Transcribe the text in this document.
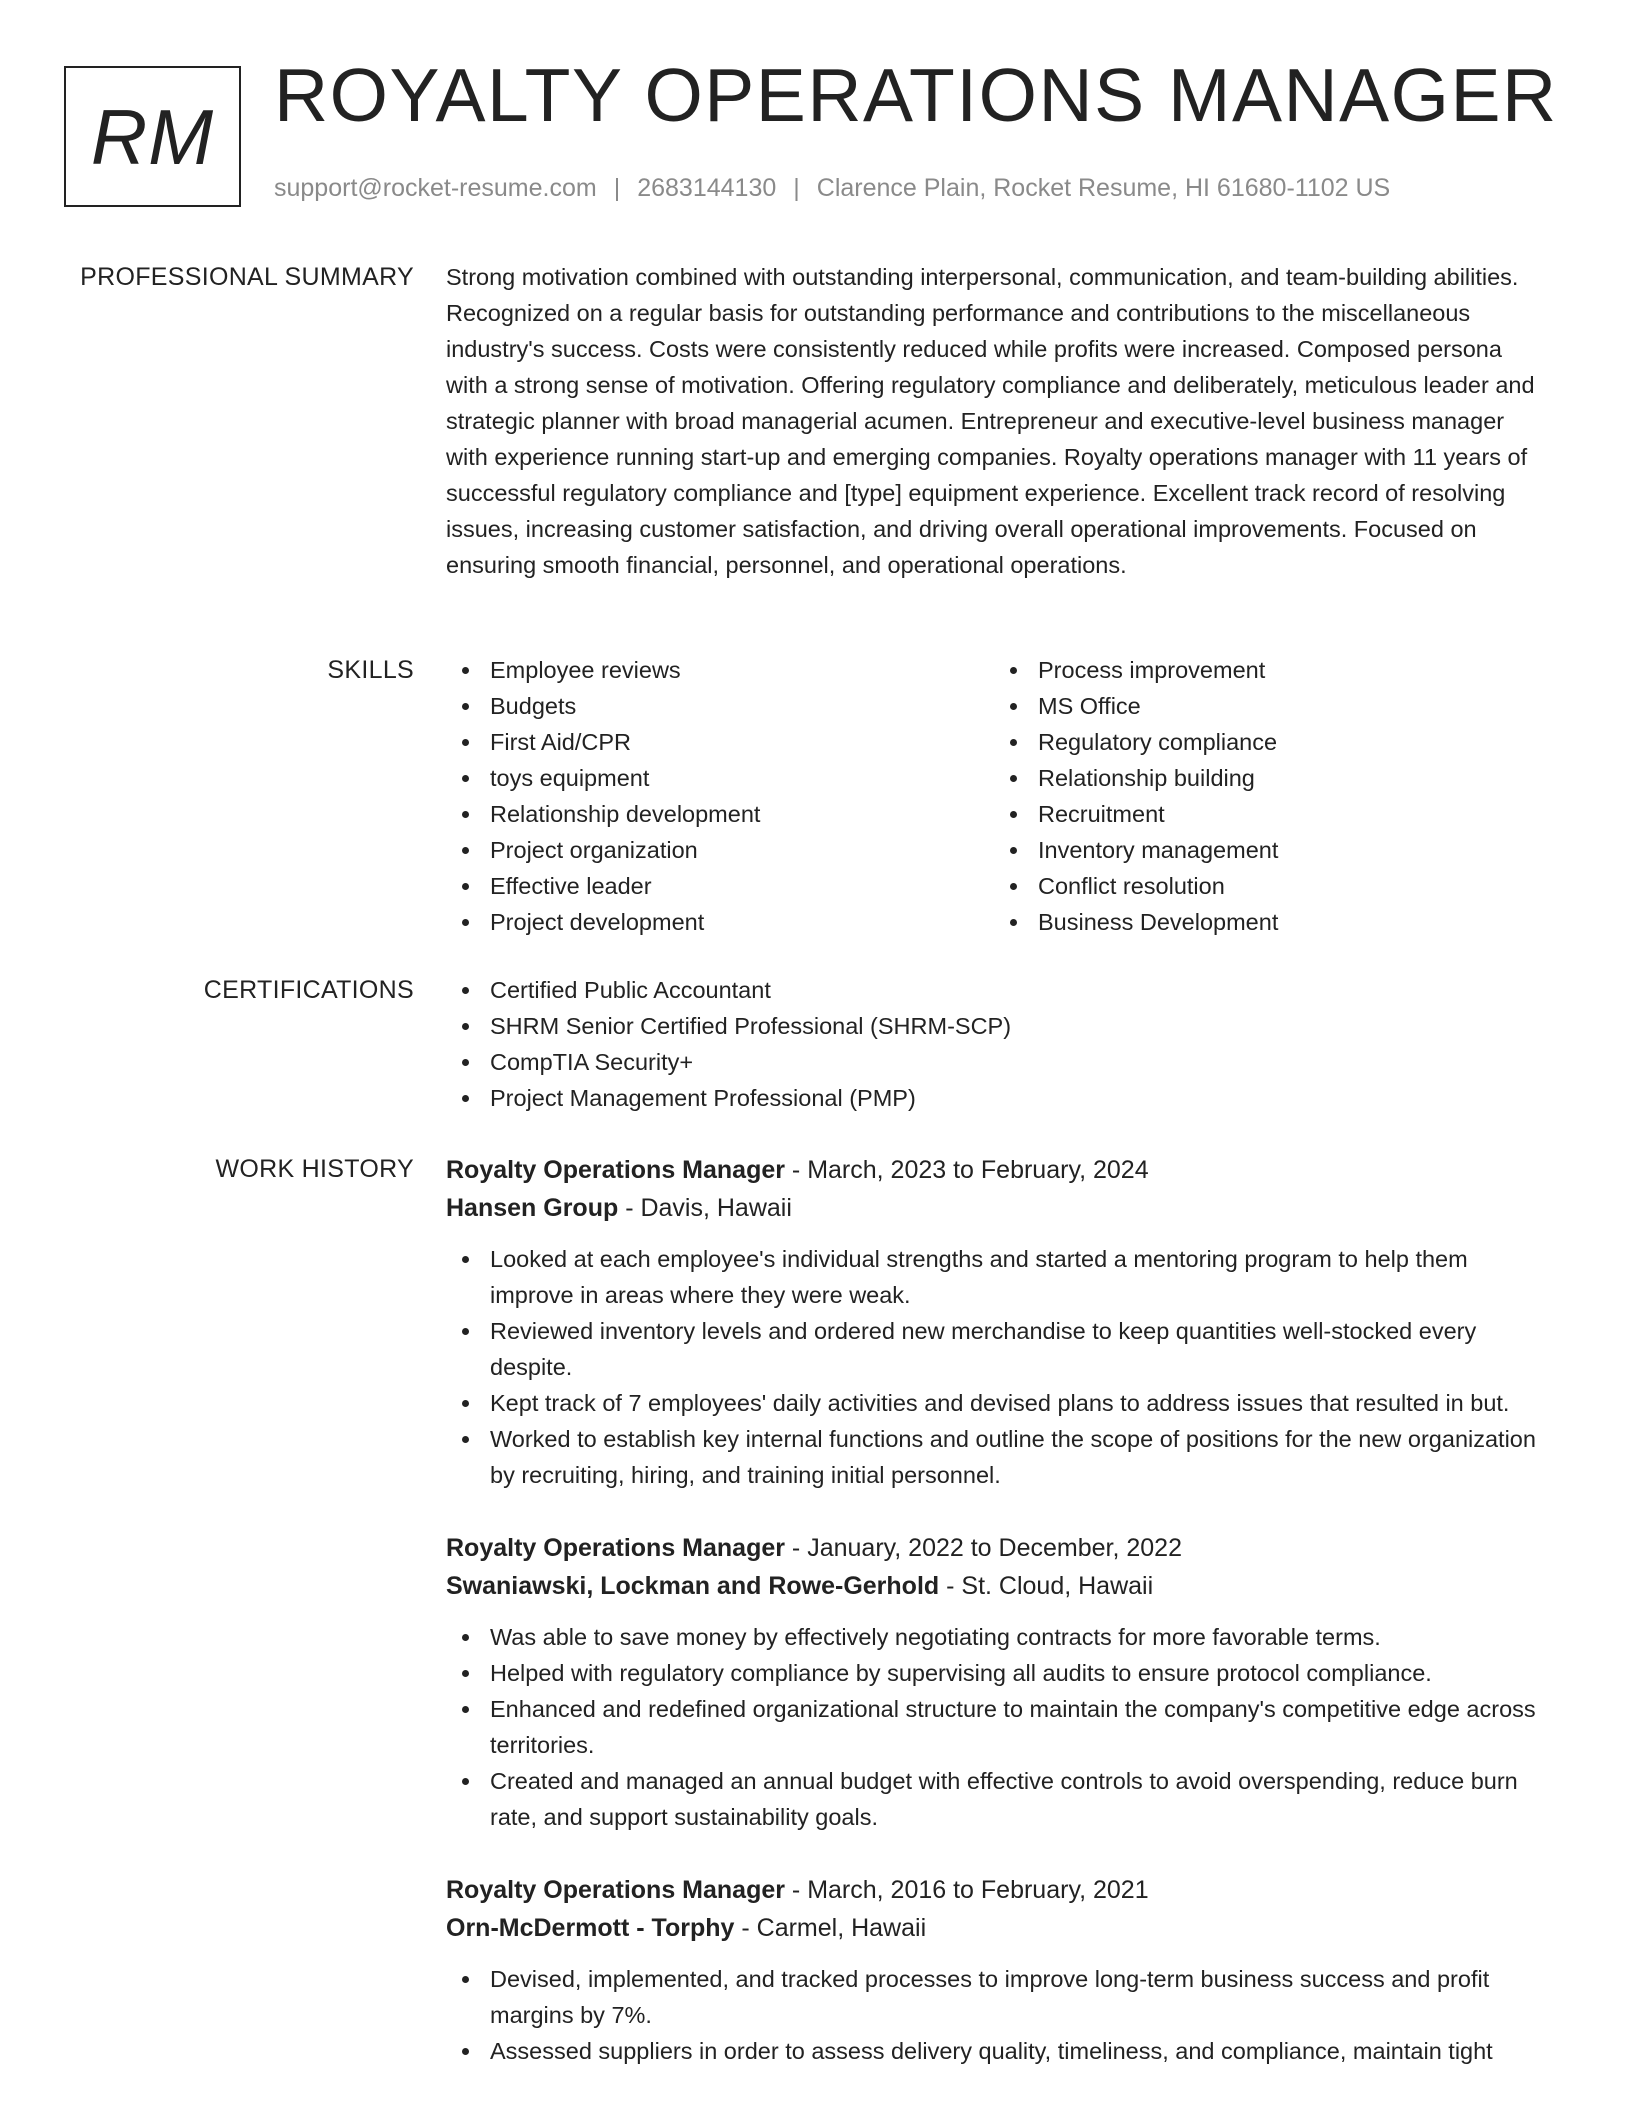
RM ROYALTY OPERATIONS MANAGER
support@rocket-resume.com | 2683144130 | Clarence Plain, Rocket Resume, HI 61680-1102 US
PROFESSIONAL SUMMARY Strong motivation combined with outstanding interpersonal, communication, and team-building abilities. Recognized on a regular basis for outstanding performance and contributions to the miscellaneous industry's success. Costs were consistently reduced while profits were increased. Composed persona with a strong sense of motivation. Offering regulatory compliance and deliberately, meticulous leader and strategic planner with broad managerial acumen. Entrepreneur and executive-level business manager with experience running start-up and emerging companies. Royalty operations manager with 11 years of successful regulatory compliance and [type] equipment experience. Excellent track record of resolving issues, increasing customer satisfaction, and driving overall operational improvements. Focused on ensuring smooth financial, personnel, and operational operations.

SKILLS	Employee reviews
Budgets
First Aid/CPR
toys equipment
Relationship development
Project organization
Effective leader
Project development
Process improvement
MS Office
Regulatory compliance
Relationship building
Recruitment
Inventory management
Conflict resolution
Business Development
CERTIFICATIONS	Certified Public Accountant
SHRM Senior Certified Professional (SHRM-SCP)
CompTIA Security+
Project Management Professional (PMP)
WORK HISTORY Royalty Operations Manager - March, 2023 to February, 2024
Hansen Group - Davis, Hawaii
Looked at each employee's individual strengths and started a mentoring program to help them improve in areas where they were weak.
Reviewed inventory levels and ordered new merchandise to keep quantities well-stocked every despite.
Kept track of 7 employees' daily activities and devised plans to address issues that resulted in but.
Worked to establish key internal functions and outline the scope of positions for the new organization by recruiting, hiring, and training initial personnel.
Royalty Operations Manager - January, 2022 to December, 2022
Swaniawski, Lockman and Rowe-Gerhold - St. Cloud, Hawaii
Was able to save money by effectively negotiating contracts for more favorable terms.
Helped with regulatory compliance by supervising all audits to ensure protocol compliance.
Enhanced and redefined organizational structure to maintain the company's competitive edge across territories.
Created and managed an annual budget with effective controls to avoid overspending, reduce burn rate, and support sustainability goals.
Royalty Operations Manager - March, 2016 to February, 2021
Orn-McDermott - Torphy - Carmel, Hawaii
Devised, implemented, and tracked processes to improve long-term business success and profit margins by 7%.
Assessed suppliers in order to assess delivery quality, timeliness, and compliance, maintain tight
